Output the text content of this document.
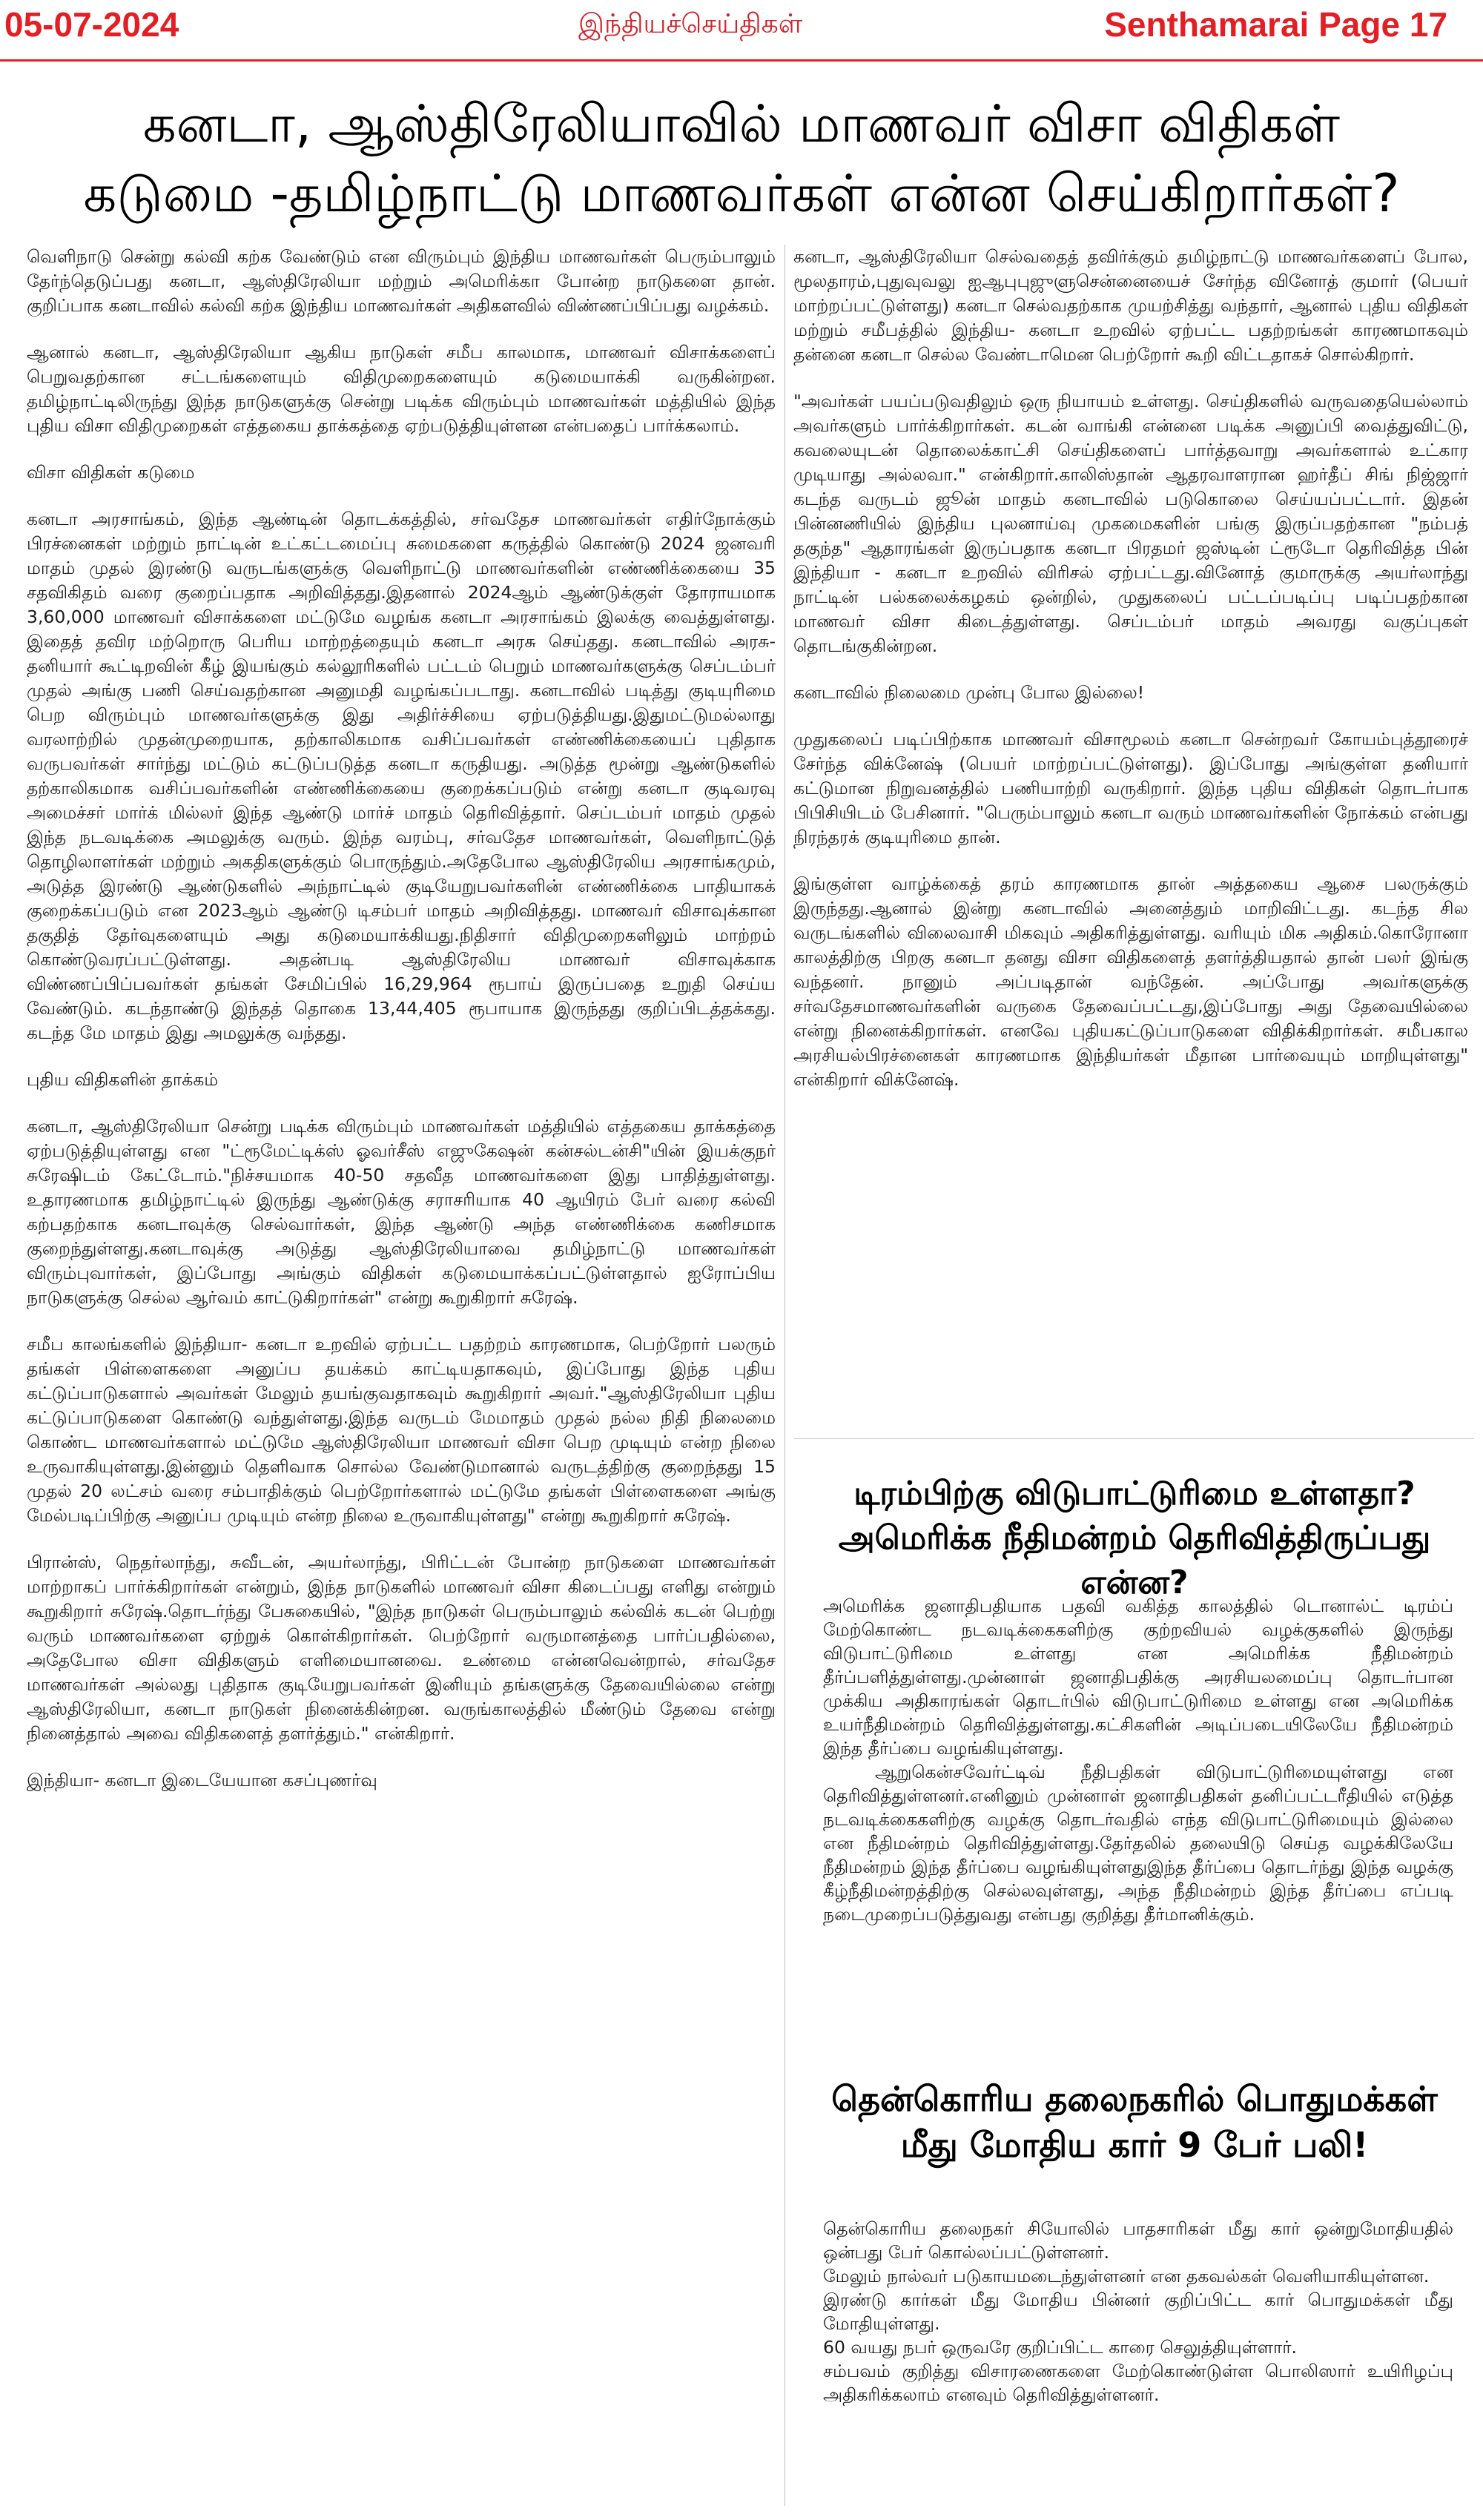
05-07-2024	இந்தியச்செய்திகள்	Senthamarai Page 17
கனடா, ஆஸ்திரேலியாவில் மாணவர் விசா விதிகள்
கடுமை -தமிழ்நாட்டு மாணவர்கள் என்ன செய்கிறார்கள்?

வெளிநாடு சென்று கல்வி கற்க வேண்டும் என விரும்பும் இந்திய மாணவர்கள் பெரும்பாலும் தேர்ந்தெடுப்பது கனடா, ஆஸ்திரேலியா மற்றும் அமெரிக்கா போன்ற நாடுகளை தான். குறிப்பாக கனடாவில் கல்வி கற்க இந்திய மாணவர்கள் அதிகளவில் விண்ணப்பிப்பது வழக்கம்.

ஆனால் கனடா, ஆஸ்திரேலியா ஆகிய நாடுகள் சமீப காலமாக, மாணவர் விசாக்களைப் பெறுவதற்கான சட்டங்களையும் விதிமுறைகளையும் கடுமையாக்கி வருகின்றன. தமிழ்நாட்டிலிருந்து இந்த நாடுகளுக்கு சென்று படிக்க விரும்பும் மாணவர்கள் மத்தியில் இந்த புதிய விசா விதிமுறைகள் எத்தகைய தாக்கத்தை ஏற்படுத்தியுள்ளன என்பதைப் பார்க்கலாம்.

விசா விதிகள் கடுமை

கனடா அரசாங்கம், இந்த ஆண்டின் தொடக்கத்தில், சர்வதேச மாணவர்கள் எதிர்நோக்கும் பிரச்னைகள் மற்றும் நாட்டின் உட்கட்டமைப்பு சுமைகளை கருத்தில் கொண்டு 2024 ஜனவரி மாதம் முதல் இரண்டு வருடங்களுக்கு வெளிநாட்டு மாணவர்களின் எண்ணிக்கையை 35 சதவிகிதம் வரை குறைப்பதாக அறிவித்தது.இதனால் 2024ஆம் ஆண்டுக்குள் தோராயமாக 3,60,000 மாணவர் விசாக்களை மட்டுமே வழங்க கனடா அரசாங்கம் இலக்கு வைத்துள்ளது. இதைத் தவிர மற்றொரு பெரிய மாற்றத்தையும் கனடா அரசு செய்தது. கனடாவில் அரசு-தனியார் கூட்டிறவின் கீழ் இயங்கும் கல்லூரிகளில் பட்டம் பெறும் மாணவர்களுக்கு செப்டம்பர் முதல் அங்கு பணி செய்வதற்கான அனுமதி வழங்கப்படாது. கனடாவில் படித்து குடியுரிமை பெற விரும்பும் மாணவர்களுக்கு இது அதிர்ச்சியை ஏற்படுத்தியது.இதுமட்டுமல்லாது வரலாற்றில் முதன்முறையாக, தற்காலிகமாக வசிப்பவர்கள் எண்ணிக்கையைப் புதிதாக வருபவர்கள் சார்ந்து மட்டும் கட்டுப்படுத்த கனடா கருதியது. அடுத்த மூன்று ஆண்டுகளில் தற்காலிகமாக வசிப்பவர்களின் எண்ணிக்கையை குறைக்கப்படும் என்று கனடா குடிவரவு அமைச்சர் மார்க் மில்லர் இந்த ஆண்டு மார்ச் மாதம் தெரிவித்தார். செப்டம்பர் மாதம் முதல் இந்த நடவடிக்கை அமலுக்கு வரும். இந்த வரம்பு, சர்வதேச மாணவர்கள், வெளிநாட்டுத் தொழிலாளர்கள் மற்றும் அகதிகளுக்கும் பொருந்தும்.அதேபோல ஆஸ்திரேலிய அரசாங்கமும், அடுத்த இரண்டு ஆண்டுகளில் அந்நாட்டில் குடியேறுபவர்களின் எண்ணிக்கை பாதியாகக் குறைக்கப்படும் என 2023ஆம் ஆண்டு டிசம்பர் மாதம் அறிவித்தது. மாணவர் விசாவுக்கான தகுதித் தேர்வுகளையும் அது கடுமையாக்கியது.நிதிசார் விதிமுறைகளிலும் மாற்றம் கொண்டுவரப்பட்டுள்ளது. அதன்படி ஆஸ்திரேலிய மாணவர் விசாவுக்காக விண்ணப்பிப்பவர்கள் தங்கள் சேமிப்பில் 16,29,964 ரூபாய் இருப்பதை உறுதி செய்ய வேண்டும். கடந்தாண்டு இந்தத் தொகை 13,44,405 ரூபாயாக இருந்தது குறிப்பிடத்தக்கது. கடந்த மே மாதம் இது அமலுக்கு வந்தது.

புதிய விதிகளின் தாக்கம்

கனடா, ஆஸ்திரேலியா சென்று படிக்க விரும்பும் மாணவர்கள் மத்தியில் எத்தகைய தாக்கத்தை ஏற்படுத்தியுள்ளது என "ட்ரூமேட்டிக்ஸ் ஓவர்சீஸ் எஜுகேஷன் கன்சல்டன்சி"யின் இயக்குநர் சுரேஷிடம் கேட்டோம்."நிச்சயமாக 40-50 சதவீத மாணவர்களை இது பாதித்துள்ளது. உதாரணமாக தமிழ்நாட்டில் இருந்து ஆண்டுக்கு சராசரியாக 40 ஆயிரம் பேர் வரை கல்வி கற்பதற்காக கனடாவுக்கு செல்வார்கள், இந்த ஆண்டு அந்த எண்ணிக்கை கணிசமாக குறைந்துள்ளது.கனடாவுக்கு அடுத்து ஆஸ்திரேலியாவை தமிழ்நாட்டு மாணவர்கள் விரும்புவார்கள், இப்போது அங்கும் விதிகள் கடுமையாக்கப்பட்டுள்ளதால் ஐரோப்பிய நாடுகளுக்கு செல்ல ஆர்வம் காட்டுகிறார்கள்" என்று கூறுகிறார் சுரேஷ்.

சமீப காலங்களில் இந்தியா- கனடா உறவில் ஏற்பட்ட பதற்றம் காரணமாக, பெற்றோர் பலரும் தங்கள் பிள்ளைகளை அனுப்ப தயக்கம் காட்டியதாகவும், இப்போது இந்த புதிய கட்டுப்பாடுகளால் அவர்கள் மேலும் தயங்குவதாகவும் கூறுகிறார் அவர்."ஆஸ்திரேலியா புதிய கட்டுப்பாடுகளை கொண்டு வந்துள்ளது.இந்த வருடம் மேமாதம் முதல் நல்ல நிதி நிலைமை கொண்ட மாணவர்களால் மட்டுமே ஆஸ்திரேலியா மாணவர் விசா பெற முடியும் என்ற நிலை உருவாகியுள்ளது.இன்னும் தெளிவாக சொல்ல வேண்டுமானால் வருடத்திற்கு குறைந்தது 15 முதல் 20 லட்சம் வரை சம்பாதிக்கும் பெற்றோர்களால் மட்டுமே தங்கள் பிள்ளைகளை அங்கு மேல்படிப்பிற்கு அனுப்ப முடியும் என்ற நிலை உருவாகியுள்ளது" என்று கூறுகிறார் சுரேஷ்.

பிரான்ஸ், நெதர்லாந்து, சுவீடன், அயர்லாந்து, பிரிட்டன் போன்ற நாடுகளை மாணவர்கள் மாற்றாகப் பார்க்கிறார்கள் என்றும், இந்த நாடுகளில் மாணவர் விசா கிடைப்பது எளிது என்றும் கூறுகிறார் சுரேஷ்.தொடர்ந்து பேசுகையில், "இந்த நாடுகள் பெரும்பாலும் கல்விக் கடன் பெற்று வரும் மாணவர்களை ஏற்றுக் கொள்கிறார்கள். பெற்றோர் வருமானத்தை பார்ப்பதில்லை, அதேபோல விசா விதிகளும் எளிமையானவை. உண்மை என்னவென்றால், சர்வதேச மாணவர்கள் அல்லது புதிதாக குடியேறுபவர்கள் இனியும் தங்களுக்கு தேவையில்லை என்று ஆஸ்திரேலியா, கனடா நாடுகள் நினைக்கின்றன. வருங்காலத்தில் மீண்டும் தேவை என்று நினைத்தால் அவை விதிகளைத் தளர்த்தும்." என்கிறார்.

இந்தியா- கனடா இடையேயான கசப்புணர்வு

கனடா, ஆஸ்திரேலியா செல்வதைத் தவிர்க்கும் தமிழ்நாட்டு மாணவர்களைப் போல, மூலதாரம்,புதுவுவலு ஐஆபுபுஜுளுசென்னையைச் சேர்ந்த வினோத் குமார் (பெயர் மாற்றப்பட்டுள்ளது) கனடா செல்வதற்காக முயற்சித்து வந்தார், ஆனால் புதிய விதிகள் மற்றும் சமீபத்தில் இந்திய- கனடா உறவில் ஏற்பட்ட பதற்றங்கள் காரணமாகவும் தன்னை கனடா செல்ல வேண்டாமென பெற்றோர் கூறி விட்டதாகச் சொல்கிறார்.

"அவர்கள் பயப்படுவதிலும் ஒரு நியாயம் உள்ளது. செய்திகளில் வருவதையெல்லாம் அவர்களும் பார்க்கிறார்கள். கடன் வாங்கி என்னை படிக்க அனுப்பி வைத்துவிட்டு, கவலையுடன் தொலைக்காட்சி செய்திகளைப் பார்த்தவாறு அவர்களால் உட்கார முடியாது அல்லவா." என்கிறார்.காலிஸ்தான் ஆதரவாளரான ஹர்தீப் சிங் நிஜ்ஜார் கடந்த வருடம் ஜூன் மாதம் கனடாவில் படுகொலை செய்யப்பட்டார். இதன் பின்னணியில் இந்திய புலனாய்வு முகமைகளின் பங்கு இருப்பதற்கான "நம்பத் தகுந்த" ஆதாரங்கள் இருப்பதாக கனடா பிரதமர் ஜஸ்டின் ட்ரூடோ தெரிவித்த பின் இந்தியா - கனடா உறவில் விரிசல் ஏற்பட்டது.வினோத் குமாருக்கு அயர்லாந்து நாட்டின் பல்கலைக்கழகம் ஒன்றில், முதுகலைப் பட்டப்படிப்பு படிப்பதற்கான மாணவர் விசா கிடைத்துள்ளது. செப்டம்பர் மாதம் அவரது வகுப்புகள் தொடங்குகின்றன.

கனடாவில் நிலைமை முன்பு போல இல்லை!

முதுகலைப் படிப்பிற்காக மாணவர் விசாமூலம் கனடா சென்றவர் கோயம்புத்தூரைச் சேர்ந்த விக்னேஷ் (பெயர் மாற்றப்பட்டுள்ளது). இப்போது அங்குள்ள தனியார் கட்டுமான நிறுவனத்தில் பணியாற்றி வருகிறார். இந்த புதிய விதிகள் தொடர்பாக பிபிசியிடம் பேசினார். "பெரும்பாலும் கனடா வரும் மாணவர்களின் நோக்கம் என்பது நிரந்தரக் குடியுரிமை தான்.

இங்குள்ள வாழ்க்கைத் தரம் காரணமாக தான் அத்தகைய ஆசை பலருக்கும் இருந்தது.ஆனால் இன்று கனடாவில் அனைத்தும் மாறிவிட்டது. கடந்த சில வருடங்களில் விலைவாசி மிகவும் அதிகரித்துள்ளது. வரியும் மிக அதிகம்.கொரோனா காலத்திற்கு பிறகு கனடா தனது விசா விதிகளைத் தளர்த்தியதால் தான் பலர் இங்கு வந்தனர். நானும் அப்படிதான் வந்தேன். அப்போது அவர்களுக்கு சர்வதேசமாணவர்களின் வருகை தேவைப்பட்டது,இப்போது அது தேவையில்லை என்று நினைக்கிறார்கள். எனவே புதியகட்டுப்பாடுகளை விதிக்கிறார்கள். சமீபகால அரசியல்பிரச்னைகள் காரணமாக இந்தியர்கள் மீதான பார்வையும் மாறியுள்ளது" என்கிறார் விக்னேஷ்.

டிரம்பிற்கு விடுபாட்டுரிமை உள்ளதா?
அமெரிக்க நீதிமன்றம் தெரிவித்திருப்பது என்ன?

அமெரிக்க ஜனாதிபதியாக பதவி வகித்த காலத்தில் டொனால்ட் டிரம்ப் மேற்கொண்ட நடவடிக்கைகளிற்கு குற்றவியல் வழக்குகளில் இருந்து விடுபாட்டுரிமை உள்ளது என அமெரிக்க நீதிமன்றம் தீர்ப்பளித்துள்ளது.முன்னாள் ஜனாதிபதிக்கு அரசியலமைப்பு தொடர்பான முக்கிய அதிகாரங்கள் தொடர்பில் விடுபாட்டுரிமை உள்ளது என அமெரிக்க உயர்நீதிமன்றம் தெரிவித்துள்ளது.கட்சிகளின் அடிப்படையிலேயே நீதிமன்றம் இந்த தீர்ப்பை வழங்கியுள்ளது.

ஆறுகென்சவேர்ட்டிவ் நீதிபதிகள் விடுபாட்டுரிமையுள்ளது என தெரிவித்துள்ளனர்.எனினும் முன்னாள் ஜனாதிபதிகள் தனிப்பட்டரீதியில் எடுத்த நடவடிக்கைகளிற்கு வழக்கு தொடர்வதில் எந்த விடுபாட்டுரிமையும் இல்லை என நீதிமன்றம் தெரிவித்துள்ளது.தேர்தலில் தலையிடு செய்த வழக்கிலேயே நீதிமன்றம் இந்த தீர்ப்பை வழங்கியுள்ளதுஇந்த தீர்ப்பை தொடர்ந்து இந்த வழக்கு கீழ்நீதிமன்றத்திற்கு செல்லவுள்ளது, அந்த நீதிமன்றம் இந்த தீர்ப்பை எப்படி நடைமுறைப்படுத்துவது என்பது குறித்து தீர்மானிக்கும்.

தென்கொரிய தலைநகரில் பொதுமக்கள்
மீது மோதிய கார் 9 பேர் பலி!

தென்கொரிய தலைநகர் சியோலில் பாதசாரிகள் மீது கார் ஒன்றுமோதியதில் ஒன்பது பேர் கொல்லப்பட்டுள்ளனர்.

மேலும் நால்வர் படுகாயமடைந்துள்ளனர் என தகவல்கள் வெளியாகியுள்ளன.

இரண்டு கார்கள் மீது மோதிய பின்னர் குறிப்பிட்ட கார் பொதுமக்கள் மீது மோதியுள்ளது.

60 வயது நபர் ஒருவரே குறிப்பிட்ட காரை செலுத்தியுள்ளார்.

சம்பவம் குறித்து விசாரணைகளை மேற்கொண்டுள்ள பொலிஸார் உயிரிழப்பு அதிகரிக்கலாம் எனவும் தெரிவித்துள்ளனர்.
